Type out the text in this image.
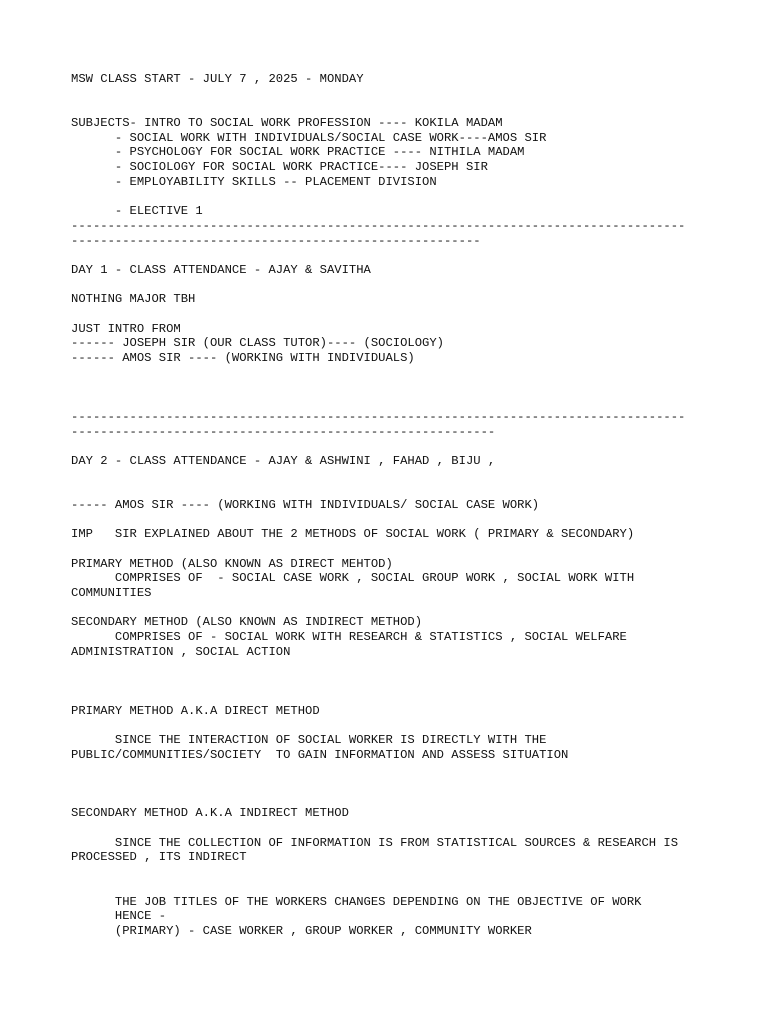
MSW CLASS START - JULY 7 , 2025 - MONDAY
SUBJECTS- INTRO TO SOCIAL WORK PROFESSION ---- KOKILA MADAM
- SOCIAL WORK WITH INDIVIDUALS/SOCIAL CASE WORK----AMOS SIR
- PSYCHOLOGY FOR SOCIAL WORK PRACTICE ---- NITHILA MADAM
- SOCIOLOGY FOR SOCIAL WORK PRACTICE---- JOSEPH SIR
- EMPLOYABILITY SKILLS -- PLACEMENT DIVISION
- ELECTIVE 1
------------------------------------------------------------------------------------
--------------------------------------------------------
DAY 1 - CLASS ATTENDANCE - AJAY & SAVITHA
NOTHING MAJOR TBH
JUST INTRO FROM
------ JOSEPH SIR (OUR CLASS TUTOR)---- (SOCIOLOGY)
------ AMOS SIR ---- (WORKING WITH INDIVIDUALS)
------------------------------------------------------------------------------------
----------------------------------------------------------
DAY 2 - CLASS ATTENDANCE - AJAY & ASHWINI , FAHAD , BIJU ,
----- AMOS SIR ---- (WORKING WITH INDIVIDUALS/ SOCIAL CASE WORK)
IMP   SIR EXPLAINED ABOUT THE 2 METHODS OF SOCIAL WORK ( PRIMARY & SECONDARY)
PRIMARY METHOD (ALSO KNOWN AS DIRECT MEHTOD)
COMPRISES OF  - SOCIAL CASE WORK , SOCIAL GROUP WORK , SOCIAL WORK WITH
COMMUNITIES
SECONDARY METHOD (ALSO KNOWN AS INDIRECT METHOD)
COMPRISES OF - SOCIAL WORK WITH RESEARCH & STATISTICS , SOCIAL WELFARE
ADMINISTRATION , SOCIAL ACTION
PRIMARY METHOD A.K.A DIRECT METHOD
SINCE THE INTERACTION OF SOCIAL WORKER IS DIRECTLY WITH THE
PUBLIC/COMMUNITIES/SOCIETY  TO GAIN INFORMATION AND ASSESS SITUATION
SECONDARY METHOD A.K.A INDIRECT METHOD
SINCE THE COLLECTION OF INFORMATION IS FROM STATISTICAL SOURCES & RESEARCH IS
PROCESSED , ITS INDIRECT
THE JOB TITLES OF THE WORKERS CHANGES DEPENDING ON THE OBJECTIVE OF WORK
HENCE -
(PRIMARY) - CASE WORKER , GROUP WORKER , COMMUNITY WORKER
